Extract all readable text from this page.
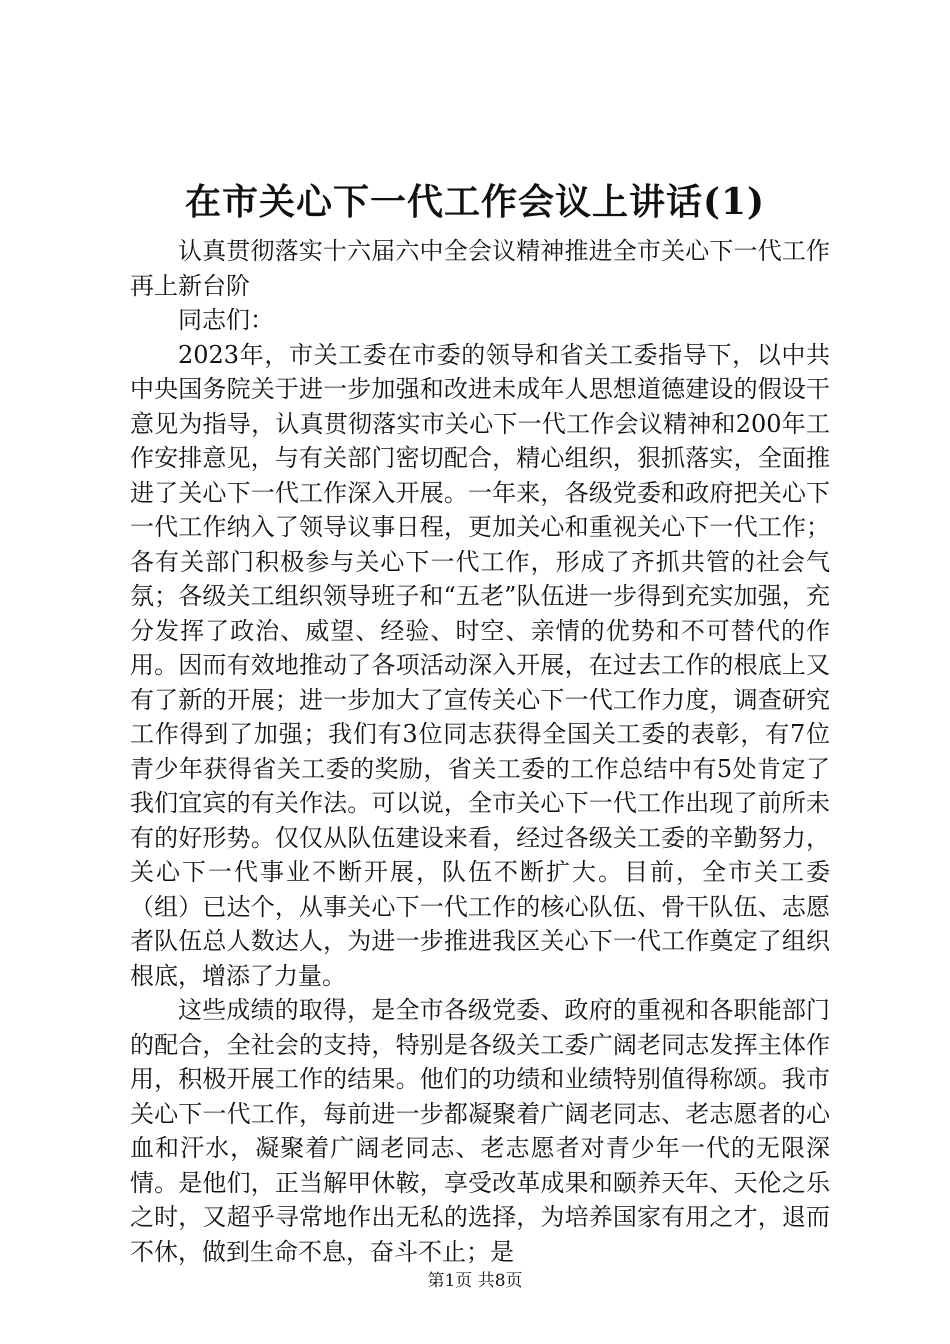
在市关心下一代工作会议上讲话(1)

认真贯彻落实十六届六中全会议精神推进全市关心下一代工作再上新台阶

同志们：

2023年，市关工委在市委的领导和省关工委指导下，以中共中央国务院关于进一步加强和改进未成年人思想道德建设的假设干意见为指导，认真贯彻落实市关心下一代工作会议精神和200年工作安排意见，与有关部门密切配合，精心组织，狠抓落实，全面推进了关心下一代工作深入开展。一年来，各级党委和政府把关心下一代工作纳入了领导议事日程，更加关心和重视关心下一代工作；各有关部门积极参与关心下一代工作，形成了齐抓共管的社会气氛；各级关工组织领导班子和“五老”队伍进一步得到充实加强，充分发挥了政治、威望、经验、时空、亲情的优势和不可替代的作用。因而有效地推动了各项活动深入开展，在过去工作的根底上又有了新的开展；进一步加大了宣传关心下一代工作力度，调查研究工作得到了加强；我们有3位同志获得全国关工委的表彰，有7位青少年获得省关工委的奖励，省关工委的工作总结中有5处肯定了我们宜宾的有关作法。可以说，全市关心下一代工作出现了前所未有的好形势。仅仅从队伍建设来看，经过各级关工委的辛勤努力，关心下一代事业不断开展，队伍不断扩大。目前，全市关工委（组）已达个，从事关心下一代工作的核心队伍、骨干队伍、志愿者队伍总人数达人，为进一步推进我区关心下一代工作奠定了组织根底，增添了力量。

这些成绩的取得，是全市各级党委、政府的重视和各职能部门的配合，全社会的支持，特别是各级关工委广阔老同志发挥主体作用，积极开展工作的结果。他们的功绩和业绩特别值得称颂。我市关心下一代工作，每前进一步都凝聚着广阔老同志、老志愿者的心血和汗水，凝聚着广阔老同志、老志愿者对青少年一代的无限深情。是他们，正当解甲休鞍，享受改革成果和颐养天年、天伦之乐之时，又超乎寻常地作出无私的选择，为培养国家有用之才，退而不休，做到生命不息，奋斗不止；是

第1页 共8页
